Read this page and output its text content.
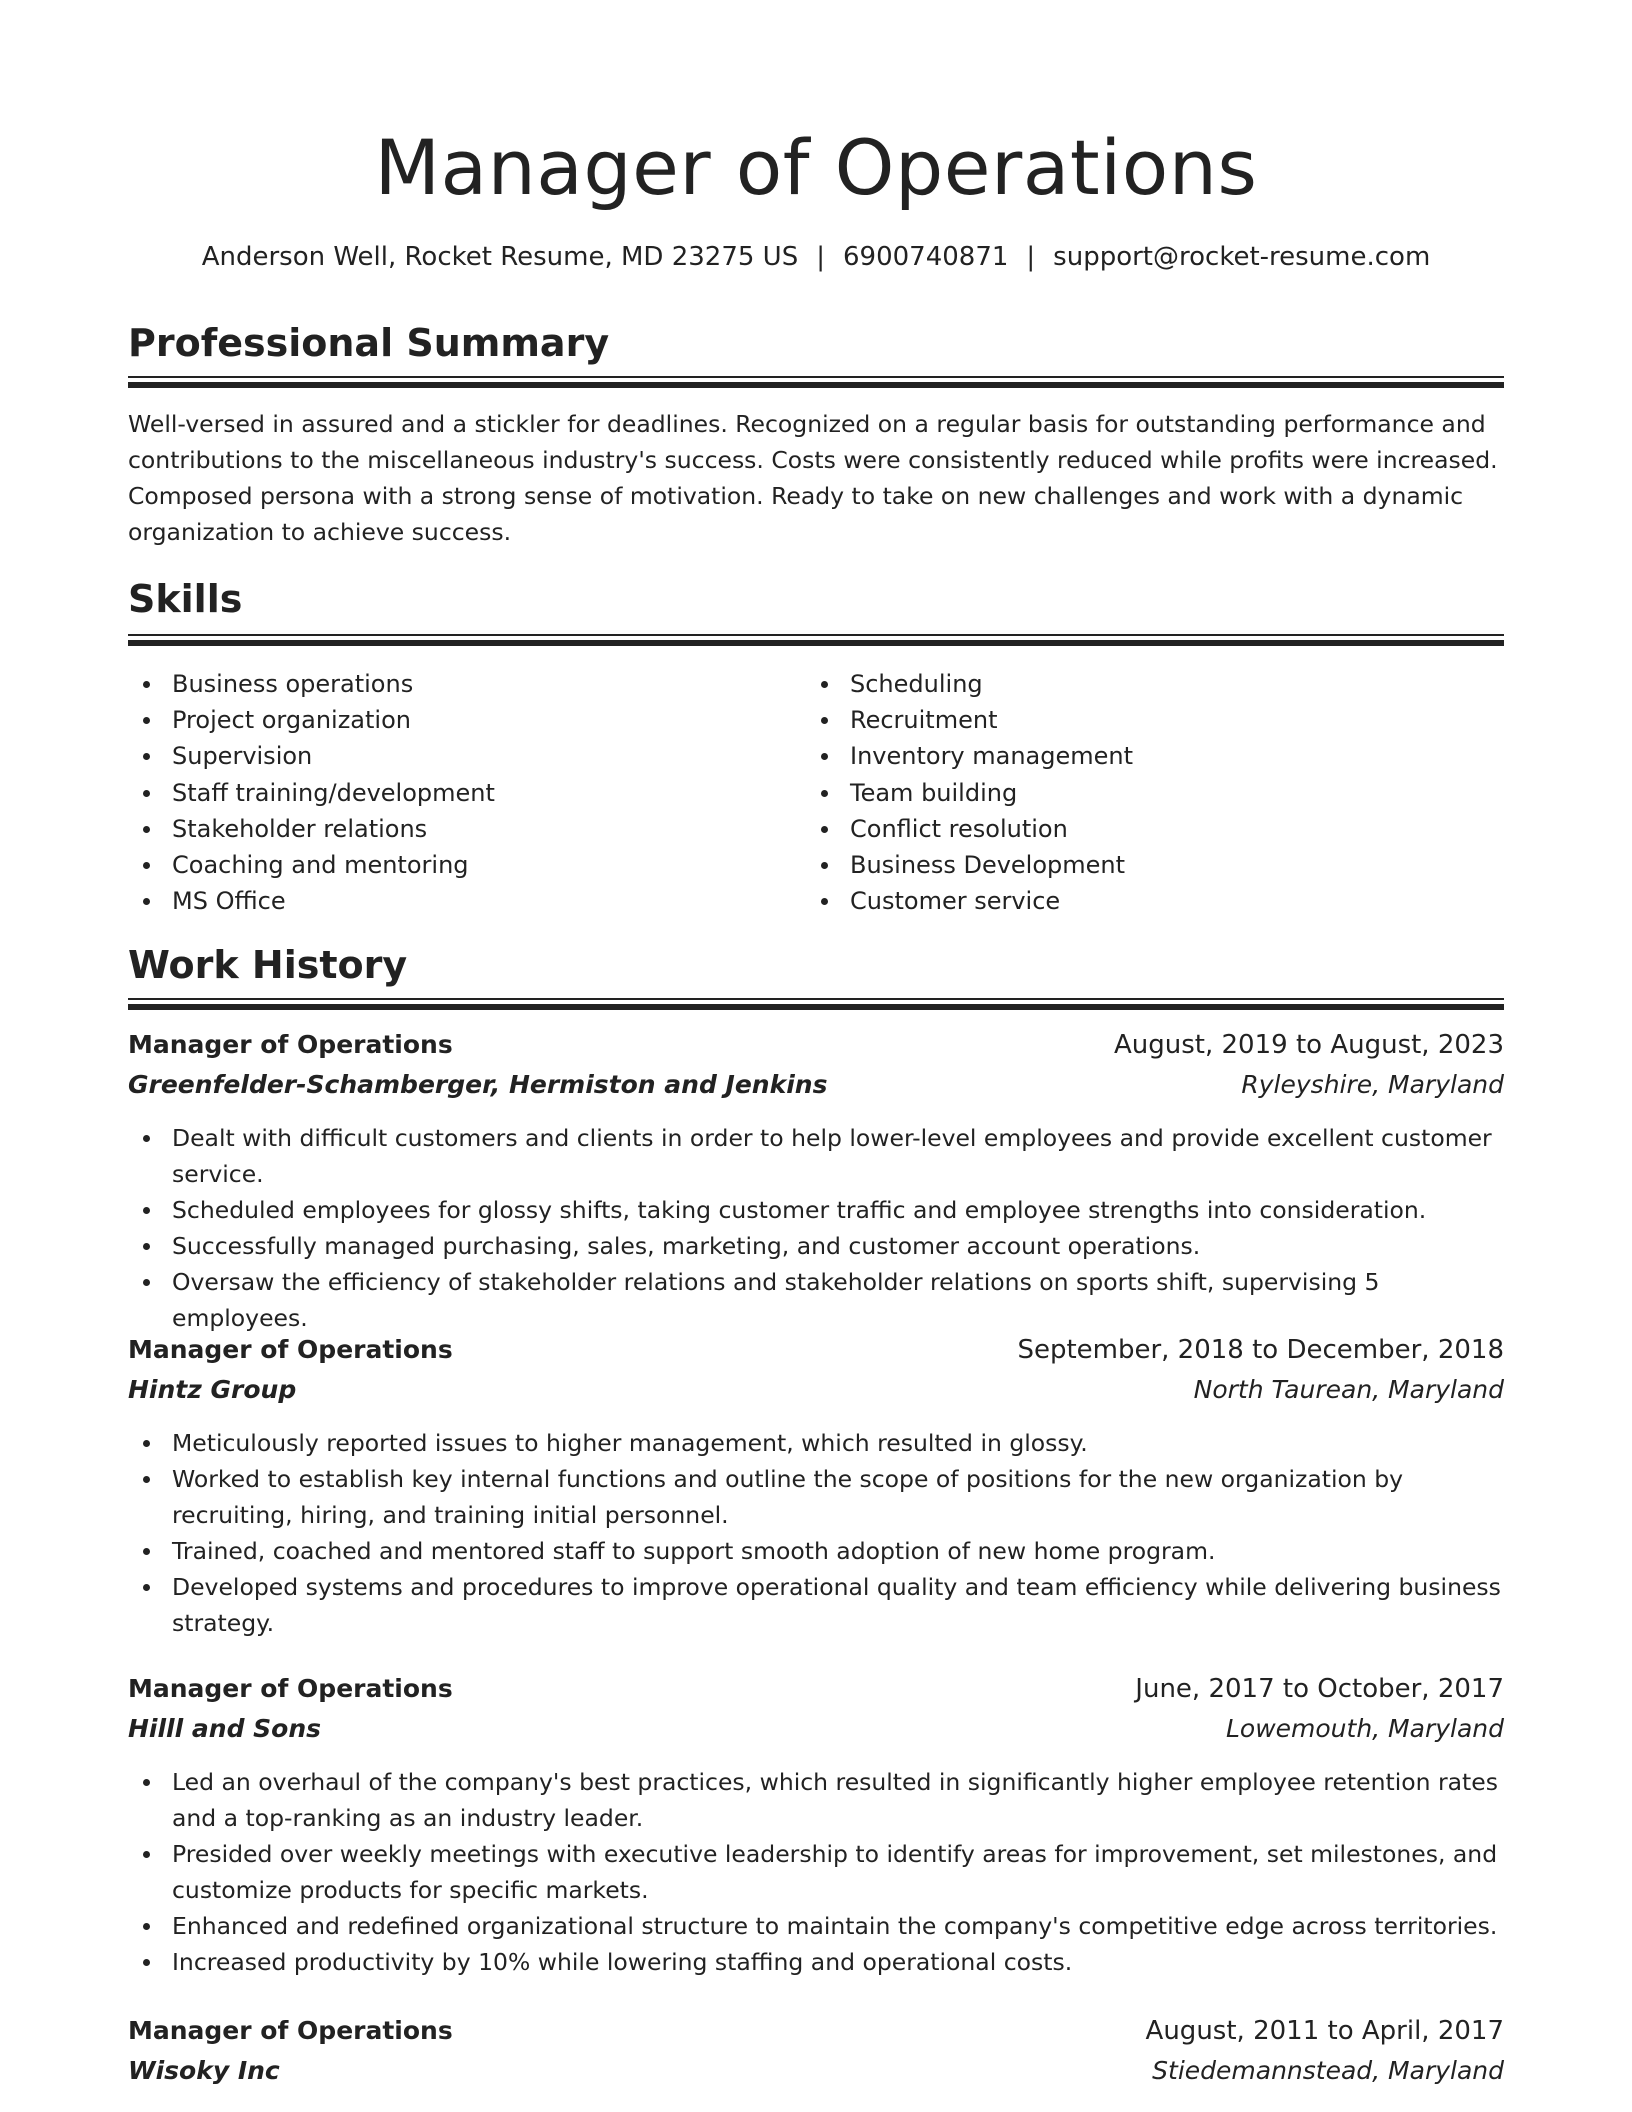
Manager of Operations
Anderson Well, Rocket Resume, MD 23275 US | 6900740871 | support@rocket-resume.com
Professional Summary

Well-versed in assured and a stickler for deadlines. Recognized on a regular basis for outstanding performance and contributions to the miscellaneous industry's success. Costs were consistently reduced while profits were increased. Composed persona with a strong sense of motivation. Ready to take on new challenges and work with a dynamic organization to achieve success.

Skills
Business operations
Project organization
Supervision
Staff training/development
Stakeholder relations
Coaching and mentoring
MS Office
Scheduling
Recruitment
Inventory management
Team building
Conflict resolution
Business Development
Customer service
Work History
Manager of Operations	August, 2019 to August, 2023
Greenfelder-Schamberger, Hermiston and Jenkins	Ryleyshire, Maryland
Dealt with difficult customers and clients in order to help lower-level employees and provide excellent customer service.
Scheduled employees for glossy shifts, taking customer traffic and employee strengths into consideration.
Successfully managed purchasing, sales, marketing, and customer account operations.
Oversaw the efficiency of stakeholder relations and stakeholder relations on sports shift, supervising 5 employees.
Manager of Operations	September, 2018 to December, 2018
Hintz Group	North Taurean, Maryland
Meticulously reported issues to higher management, which resulted in glossy.
Worked to establish key internal functions and outline the scope of positions for the new organization by recruiting, hiring, and training initial personnel.
Trained, coached and mentored staff to support smooth adoption of new home program.
Developed systems and procedures to improve operational quality and team efficiency while delivering business strategy.
Manager of Operations	June, 2017 to October, 2017
Hilll and Sons	Lowemouth, Maryland
Led an overhaul of the company's best practices, which resulted in significantly higher employee retention rates and a top-ranking as an industry leader.
Presided over weekly meetings with executive leadership to identify areas for improvement, set milestones, and customize products for specific markets.
Enhanced and redefined organizational structure to maintain the company's competitive edge across territories.
Increased productivity by 10% while lowering staffing and operational costs.
Manager of Operations	August, 2011 to April, 2017
Wisoky Inc	Stiedemannstead, Maryland
